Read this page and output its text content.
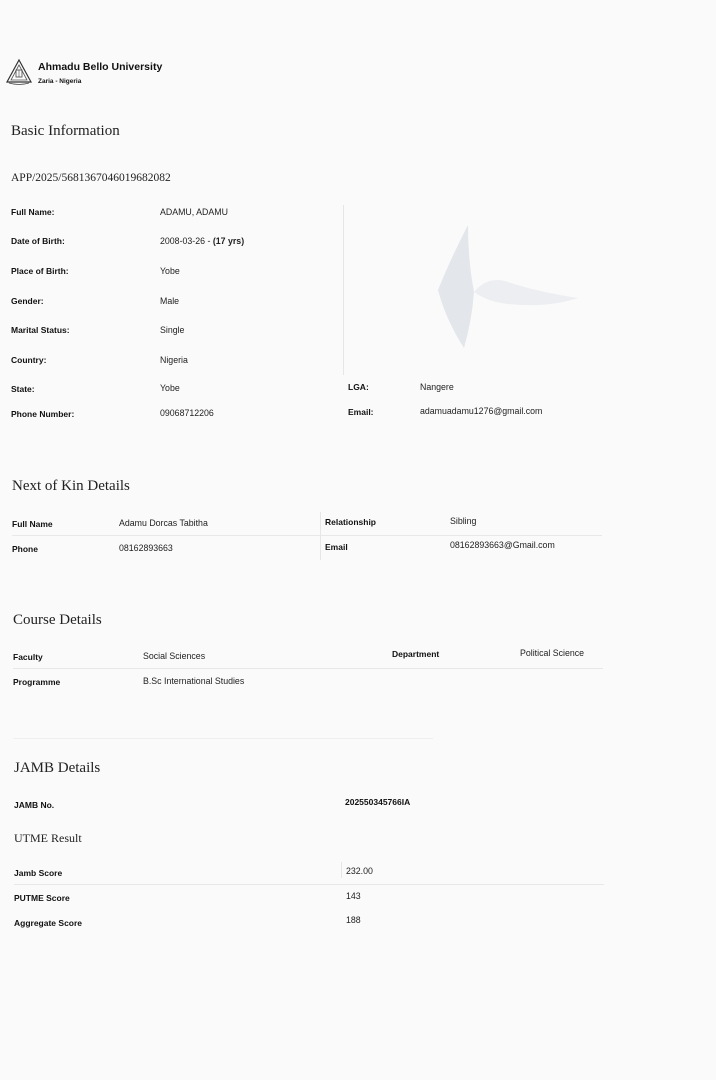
Ahmadu Bello University
Zaria - Nigeria
Basic Information
APP/2025/5681367046019682082
Full Name:	ADAMU, ADAMU
Date of Birth:	2008-03-26 - (17 yrs)
Place of Birth:	Yobe
Gender:	Male
Marital Status:	Single
Country:	Nigeria
State:	Yobe	LGA:	Nangere
Phone Number:	09068712206	Email:	adamuadamu1276@gmail.com
Next of Kin Details
Full Name	Adamu Dorcas Tabitha	Relationship	Sibling
Phone	08162893663	Email	08162893663@Gmail.com
Course Details
Faculty	Social Sciences	Department	Political Science
Programme	B.Sc International Studies
JAMB Details
JAMB No.	202550345766IA
UTME Result
Jamb Score	232.00
PUTME Score	143
Aggregate Score	188
